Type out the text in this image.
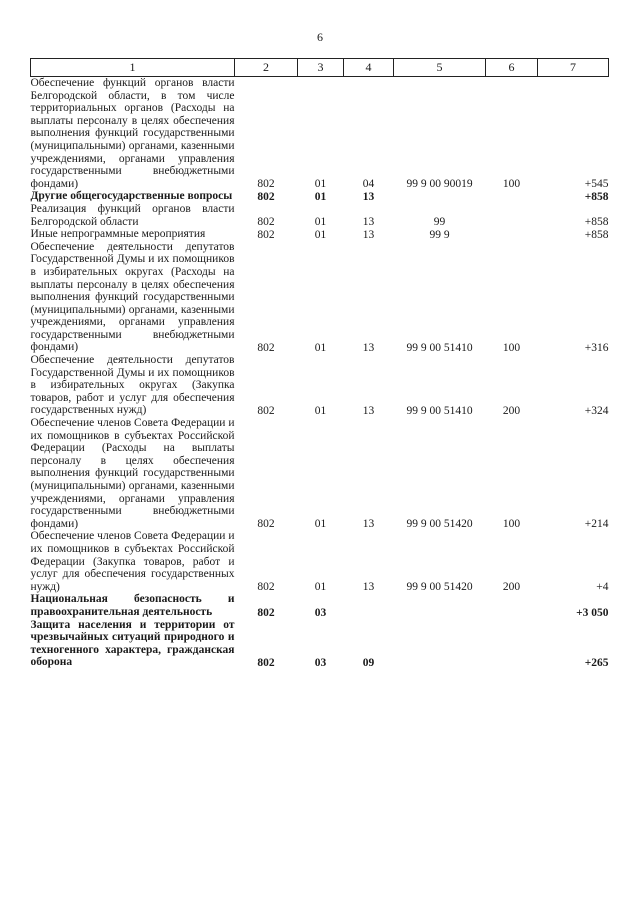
6
1	2	3	4	5	6	7
Обеспечение функций органов власти Белгородской области, в том числе территориальных органов (Расходы на выплаты персоналу в целях обеспечения выполнения функций государственными (муниципальными) органами, казенными учреждениями, органами управления государственными внебюджетными фондами)	802	01	04	99 9 00 90019	100	+545
Другие общегосударственные вопросы	802	01	13			+858
Реализация функций органов власти Белгородской области	802	01	13	99		+858
Иные непрограммные мероприятия	802	01	13	99 9		+858
Обеспечение деятельности депутатов Государственной Думы и их помощников в избирательных округах (Расходы на выплаты персоналу в целях обеспечения выполнения функций государственными (муниципальными) органами, казенными учреждениями, органами управления государственными внебюджетными фондами)	802	01	13	99 9 00 51410	100	+316
Обеспечение деятельности депутатов Государственной Думы и их помощников в избирательных округах (Закупка товаров, работ и услуг для обеспечения государственных нужд)	802	01	13	99 9 00 51410	200	+324
Обеспечение членов Совета Федерации и их помощников в субъектах Российской Федерации (Расходы на выплаты персоналу в целях обеспечения выполнения функций государственными (муниципальными) органами, казенными учреждениями, органами управления государственными внебюджетными фондами)	802	01	13	99 9 00 51420	100	+214
Обеспечение членов Совета Федерации и их помощников в субъектах Российской Федерации (Закупка товаров, работ и услуг для обеспечения государственных нужд)	802	01	13	99 9 00 51420	200	+4
Национальная безопасность и правоохранительная деятельность	802	03				+3 050
Защита населения и территории от чрезвычайных ситуаций природного и техногенного характера, гражданская оборона	802	03	09			+265
